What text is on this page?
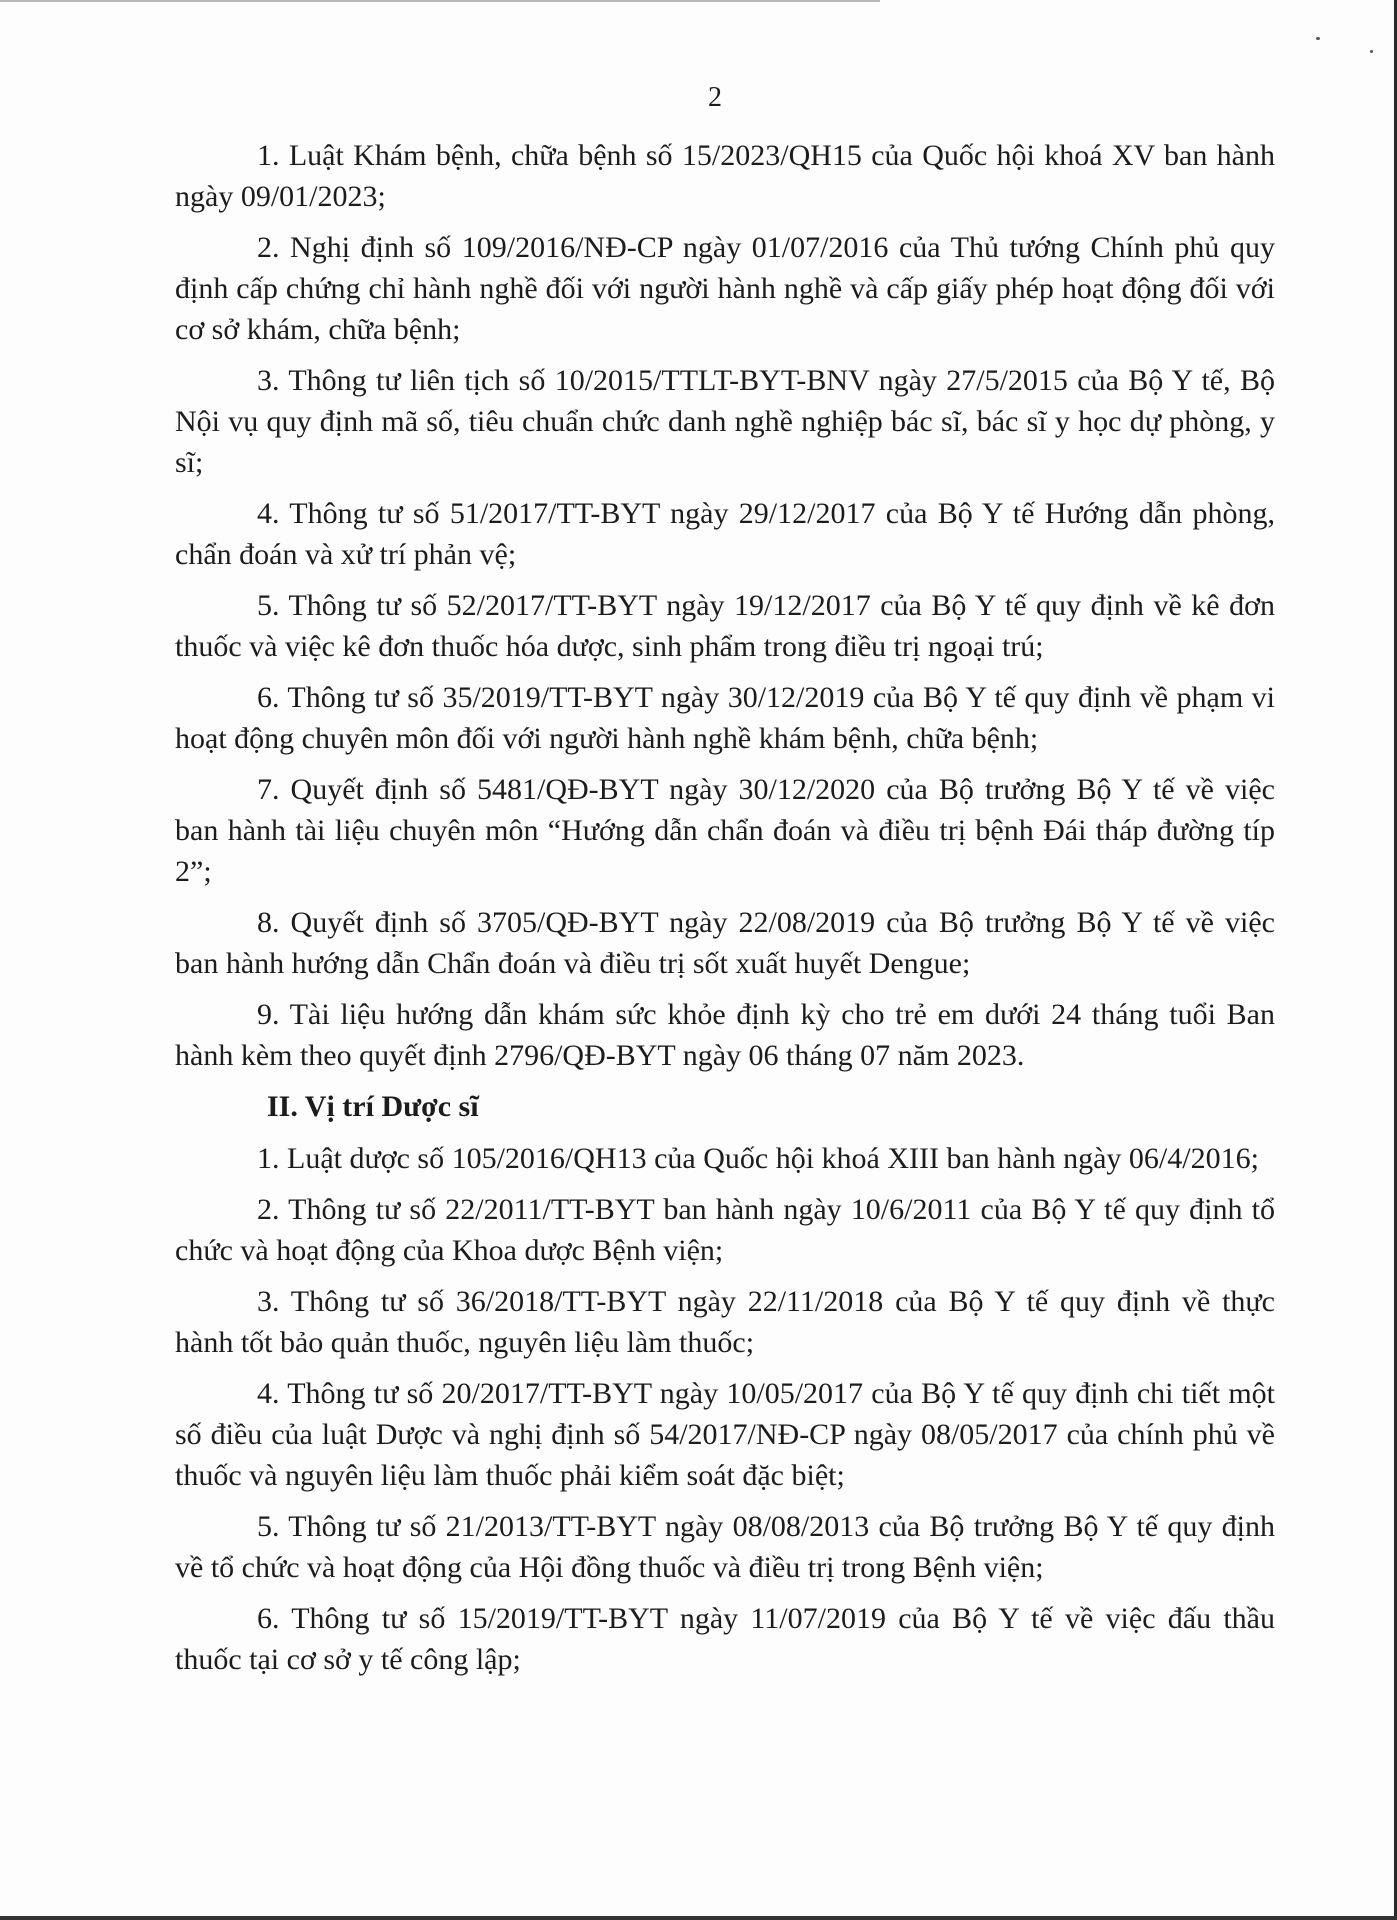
2

1. Luật Khám bệnh, chữa bệnh số 15/2023/QH15 của Quốc hội khoá XV ban hành ngày 09/01/2023;

2. Nghị định số 109/2016/NĐ-CP ngày 01/07/2016 của Thủ tướng Chính phủ quy định cấp chứng chỉ hành nghề đối với người hành nghề và cấp giấy phép hoạt động đối với cơ sở khám, chữa bệnh;

3. Thông tư liên tịch số 10/2015/TTLT-BYT-BNV ngày 27/5/2015 của Bộ Y tế, Bộ Nội vụ quy định mã số, tiêu chuẩn chức danh nghề nghiệp bác sĩ, bác sĩ y học dự phòng, y sĩ;

4. Thông tư số 51/2017/TT-BYT ngày 29/12/2017 của Bộ Y tế Hướng dẫn phòng, chẩn đoán và xử trí phản vệ;

5. Thông tư số 52/2017/TT-BYT ngày 19/12/2017 của Bộ Y tế quy định về kê đơn thuốc và việc kê đơn thuốc hóa dược, sinh phẩm trong điều trị ngoại trú;

6. Thông tư số 35/2019/TT-BYT ngày 30/12/2019 của Bộ Y tế quy định về phạm vi hoạt động chuyên môn đối với người hành nghề khám bệnh, chữa bệnh;

7. Quyết định số 5481/QĐ-BYT ngày 30/12/2020 của Bộ trưởng Bộ Y tế về việc ban hành tài liệu chuyên môn “Hướng dẫn chẩn đoán và điều trị bệnh Đái tháp đường típ 2”;

8. Quyết định số 3705/QĐ-BYT ngày 22/08/2019 của Bộ trưởng Bộ Y tế về việc ban hành hướng dẫn Chẩn đoán và điều trị sốt xuất huyết Dengue;

9. Tài liệu hướng dẫn khám sức khỏe định kỳ cho trẻ em dưới 24 tháng tuổi Ban hành kèm theo quyết định 2796/QĐ-BYT ngày 06 tháng 07 năm 2023.

II. Vị trí Dược sĩ

1. Luật dược số 105/2016/QH13 của Quốc hội khoá XIII ban hành ngày 06/4/2016;

2. Thông tư số 22/2011/TT-BYT ban hành ngày 10/6/2011 của Bộ Y tế quy định tổ chức và hoạt động của Khoa dược Bệnh viện;

3. Thông tư số 36/2018/TT-BYT ngày 22/11/2018 của Bộ Y tế quy định về thực hành tốt bảo quản thuốc, nguyên liệu làm thuốc;

4. Thông tư số 20/2017/TT-BYT ngày 10/05/2017 của Bộ Y tế quy định chi tiết một số điều của luật Dược và nghị định số 54/2017/NĐ-CP ngày 08/05/2017 của chính phủ về thuốc và nguyên liệu làm thuốc phải kiểm soát đặc biệt;

5. Thông tư số 21/2013/TT-BYT ngày 08/08/2013 của Bộ trưởng Bộ Y tế quy định về tổ chức và hoạt động của Hội đồng thuốc và điều trị trong Bệnh viện;

6. Thông tư số 15/2019/TT-BYT ngày 11/07/2019 của Bộ Y tế về việc đấu thầu thuốc tại cơ sở y tế công lập;
